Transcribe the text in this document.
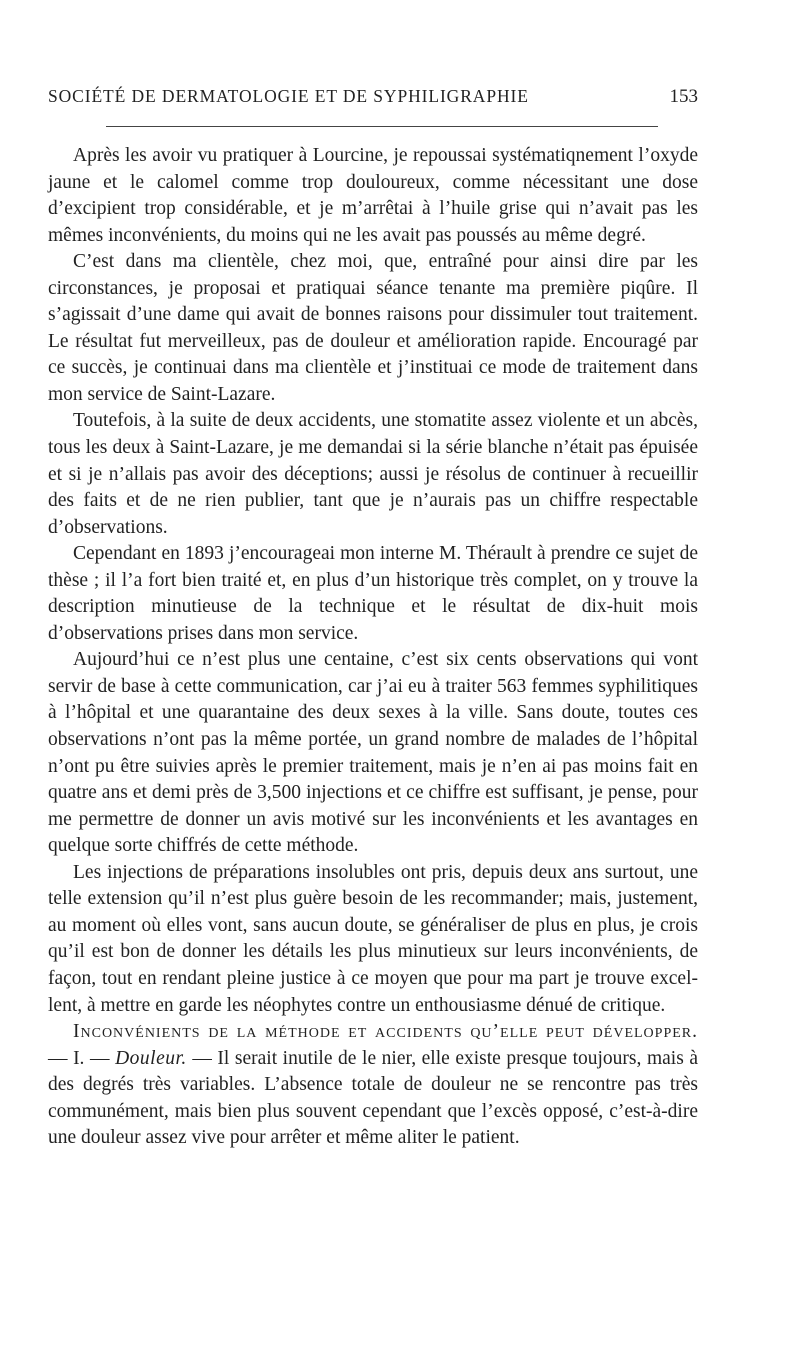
SOCIÉTÉ DE DERMATOLOGIE ET DE SYPHILIGRAPHIE	153

Après les avoir vu pratiquer à Lourcine, je repoussai systématiqnement l’oxyde jaune et le calomel comme trop douloureux, comme nécessitant une dose d’excipient trop considérable, et je m’arrêtai à l’huile grise qui n’avait pas les mêmes inconvénients, du moins qui ne les avait pas poussés au même degré.

C’est dans ma clientèle, chez moi, que, entraîné pour ainsi dire par les circonstances, je proposai et pratiquai séance tenante ma première piqûre. Il s’agissait d’une dame qui avait de bonnes raisons pour dissimuler tout traitement. Le résultat fut merveilleux, pas de douleur et amélioration rapide. Encouragé par ce succès, je continuai dans ma clientèle et j’instituai ce mode de traitement dans mon service de Saint-Lazare.

Toutefois, à la suite de deux accidents, une stomatite assez violente et un abcès, tous les deux à Saint-Lazare, je me demandai si la série blanche n’était pas épuisée et si je n’allais pas avoir des déceptions; aussi je résolus de continuer à recueillir des faits et de ne rien publier, tant que je n’aurais pas un chiffre respectable d’observations.

Cependant en 1893 j’encourageai mon interne M. Thérault à prendre ce sujet de thèse ; il l’a fort bien traité et, en plus d’un historique très complet, on y trouve la description minutieuse de la technique et le résultat de dix-huit mois d’observations prises dans mon service.

Aujourd’hui ce n’est plus une centaine, c’est six cents observations qui vont servir de base à cette communication, car j’ai eu à traiter 563 femmes syphilitiques à l’hôpital et une quarantaine des deux sexes à la ville. Sans doute, toutes ces observations n’ont pas la même portée, un grand nombre de malades de l’hôpital n’ont pu être suivies après le premier traitement, mais je n’en ai pas moins fait en quatre ans et demi près de 3,500 injections et ce chiffre est suffisant, je pense, pour me permettre de donner un avis motivé sur les inconvénients et les avantages en quelque sorte chiffrés de cette méthode.

Les injections de préparations insolubles ont pris, depuis deux ans surtout, une telle extension qu’il n’est plus guère besoin de les recommander; mais, justement, au moment où elles vont, sans aucun doute, se généraliser de plus en plus, je crois qu’il est bon de donner les détails les plus minutieux sur leurs inconvénients, de façon, tout en rendant pleine justice à ce moyen que pour ma part je trouve excellent, à mettre en garde les néophytes contre un enthousiasme dénué de critique.

Inconvénients de la méthode et accidents qu’elle peut développer. — I. — Douleur. — Il serait inutile de le nier, elle existe presque toujours, mais à des degrés très variables. L’absence totale de douleur ne se rencontre pas très communément, mais bien plus souvent cependant que l’excès opposé, c’est-à-dire une douleur assez vive pour arrêter et même aliter le patient.
